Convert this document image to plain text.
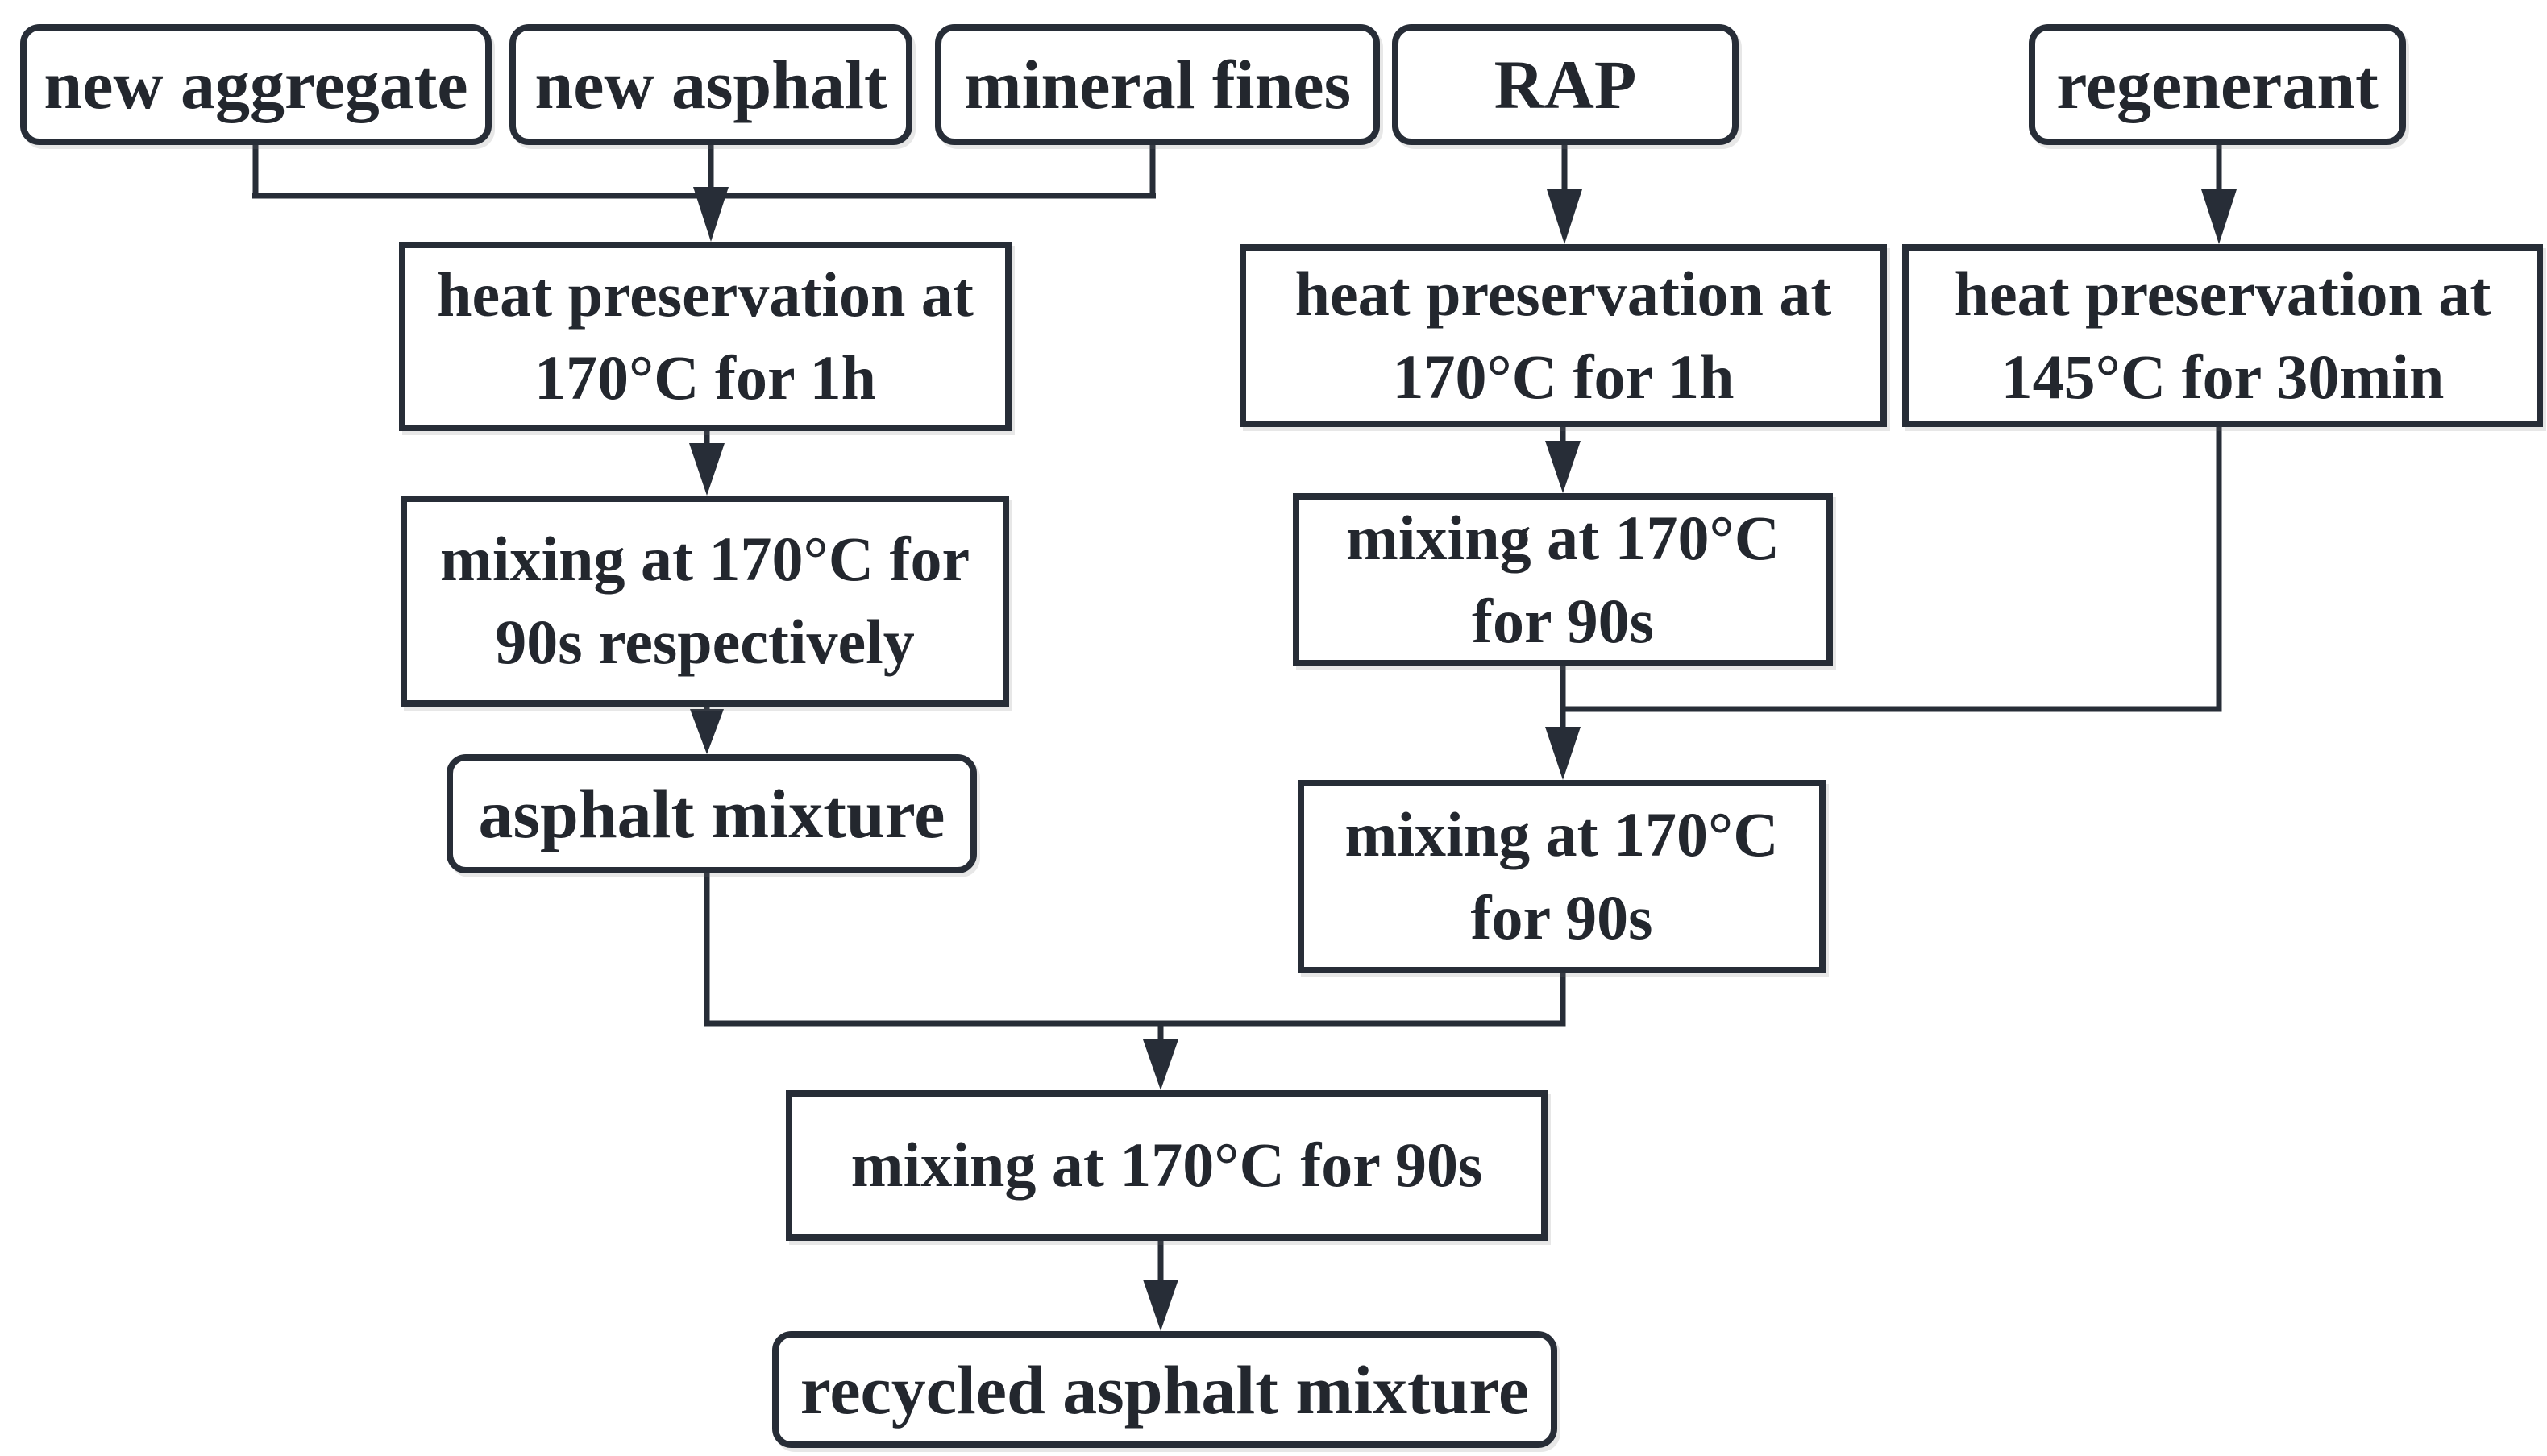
new aggregate new asphalt mineral fines RAP	regenerant
heat preservation at
170°C for 1h
heat preservation at
170°C for 1h
heat preservation at
145°C for 30min
mixing at 170°C for
90s respectively
mixing at 170°C
for 90s
asphalt mixture	mixing at 170°C
for 90s
mixing at 170°C for 90s
recycled asphalt mixture
